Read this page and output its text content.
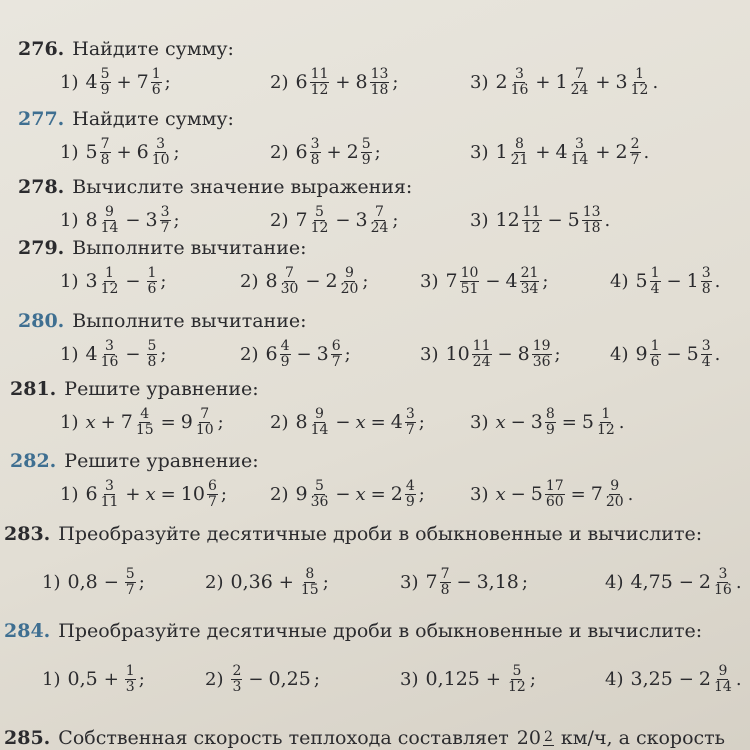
276. Найдите сумму:
1) $4 \frac{5}{9} + 7 \frac{1}{6}$ ;	2) $6 \frac{11}{12} + 8 \frac{13}{18}$ ;	3) $2 \frac{3}{16} + 1 \frac{7}{24} + 3 \frac{1}{12}$ .
277. Найдите сумму:
1) $5 \frac{7}{8} + 6 \frac{3}{10}$ ;	2) $6 \frac{3}{8} + 2 \frac{5}{9}$ ;	3) $1 \frac{8}{21} + 4 \frac{3}{14} + 2 \frac{2}{7}$ .
278. Вычислите значение выражения:
1) $8 \frac{9}{14} - 3 \frac{3}{7}$ ;	2) $7 \frac{5}{12} - 3 \frac{7}{24}$ ;	3) $12 \frac{11}{12} - 5 \frac{13}{18}$ .
279. Выполните вычитание:
1) $3 \frac{1}{12} - \frac{1}{6}$ ;	2) $8 \frac{7}{30} - 2 \frac{9}{20}$ ;	3) $7 \frac{10}{51} - 4 \frac{21}{34}$ ;	4) $5 \frac{1}{4} - 1 \frac{3}{8}$ .
280. Выполните вычитание:
1) $4 \frac{3}{16} - \frac{5}{8}$ ;	2) $6 \frac{4}{9} - 3 \frac{6}{7}$ ;	3) $10 \frac{11}{24} - 8 \frac{19}{36}$ ;	4) $9 \frac{1}{6} - 5 \frac{3}{4}$ .
281. Решите уравнение:
1) $x + 7 \frac{4}{15} = 9 \frac{7}{10}$ ;	2) $8 \frac{9}{14} - x = 4 \frac{3}{7}$ ;	3) $x - 3 \frac{8}{9} = 5 \frac{1}{12}$ .
282. Решите уравнение:
1) $6 \frac{3}{11} + x = 10 \frac{6}{7}$ ; 2) $9 \frac{5}{36} - x = 2 \frac{4}{9}$ ;	3) $x - 5 \frac{17}{60} = 7 \frac{9}{20}$ .
283. Преобразуйте десятичные дроби в обыкновенные и вычислите:
1) $0,8 - \frac{5}{7}$ ;	2) $0,36 + \frac{8}{15}$ ;	3) $7 \frac{7}{8} - 3,18$ ;	4) $4,75 - 2 \frac{3}{16}$ .
284. Преобразуйте десятичные дроби в обыкновенные и вычислите:
1) $0,5 + \frac{1}{3}$ ;	$2) \frac{2}{3} - 0,25$ ;	3) $0,125 + \frac{5}{12}$ ;	4) $3,25 - 2 \frac{9}{14}$ .
285. Собственная скорость теплохода составляет 20 2 км/ч, а скорость
